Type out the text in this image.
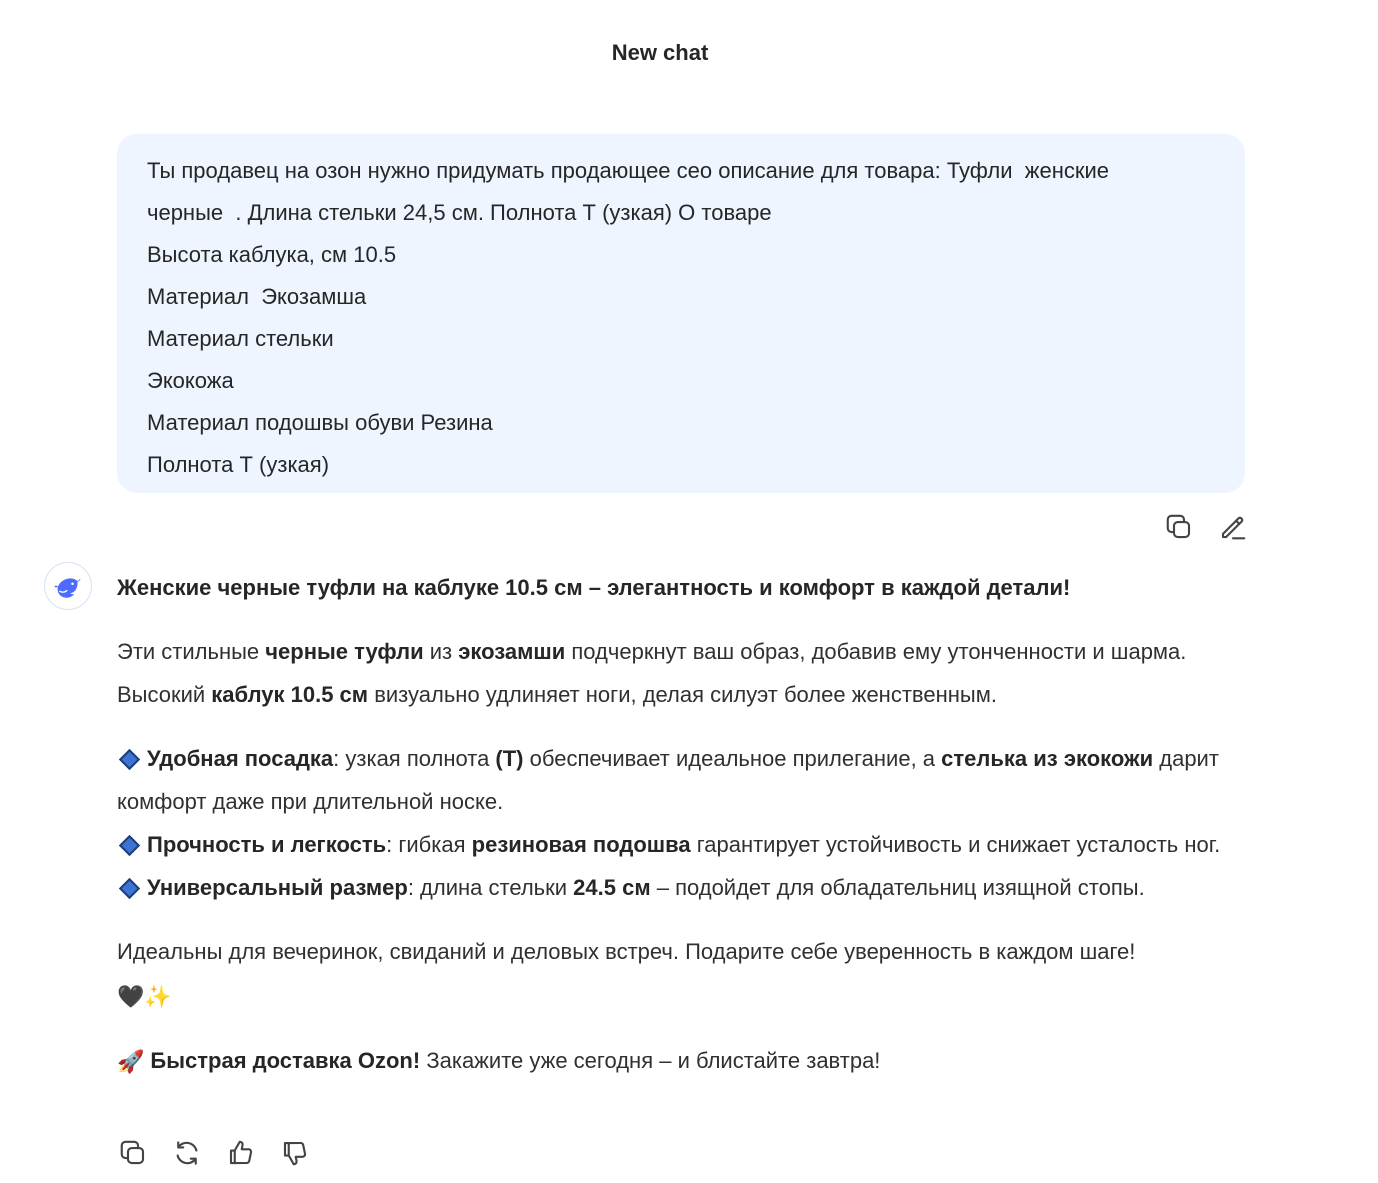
New chat
Ты продавец на озон нужно придумать продающее сео описание для товара: Туфли  женские
черные  . Длина стельки 24,5 см. Полнота Т (узкая) О товаре
Высота каблука, см 10.5
Материал  Экозамша
Материал стельки
Экокожа
Материал подошвы обуви Резина
Полнота Т (узкая)

Женские черные туфли на каблуке 10.5 см – элегантность и комфорт в каждой детали!

Эти стильные черные туфли из экозамши подчеркнут ваш образ, добавив ему утонченности и шарма. Высокий каблук 10.5 см визуально удлиняет ноги, делая силуэт более женственным.

Удобная посадка: узкая полнота (Т) обеспечивает идеальное прилегание, а стелька из экокожи дарит комфорт даже при длительной носке.

Прочность и легкость: гибкая резиновая подошва гарантирует устойчивость и снижает усталость ног.

Универсальный размер: длина стельки 24.5 см – подойдет для обладательниц изящной стопы.

Идеальны для вечеринок, свиданий и деловых встреч. Подарите себе уверенность в каждом шаге!
🖤✨

🚀 Быстрая доставка Ozon! Закажите уже сегодня – и блистайте завтра!
